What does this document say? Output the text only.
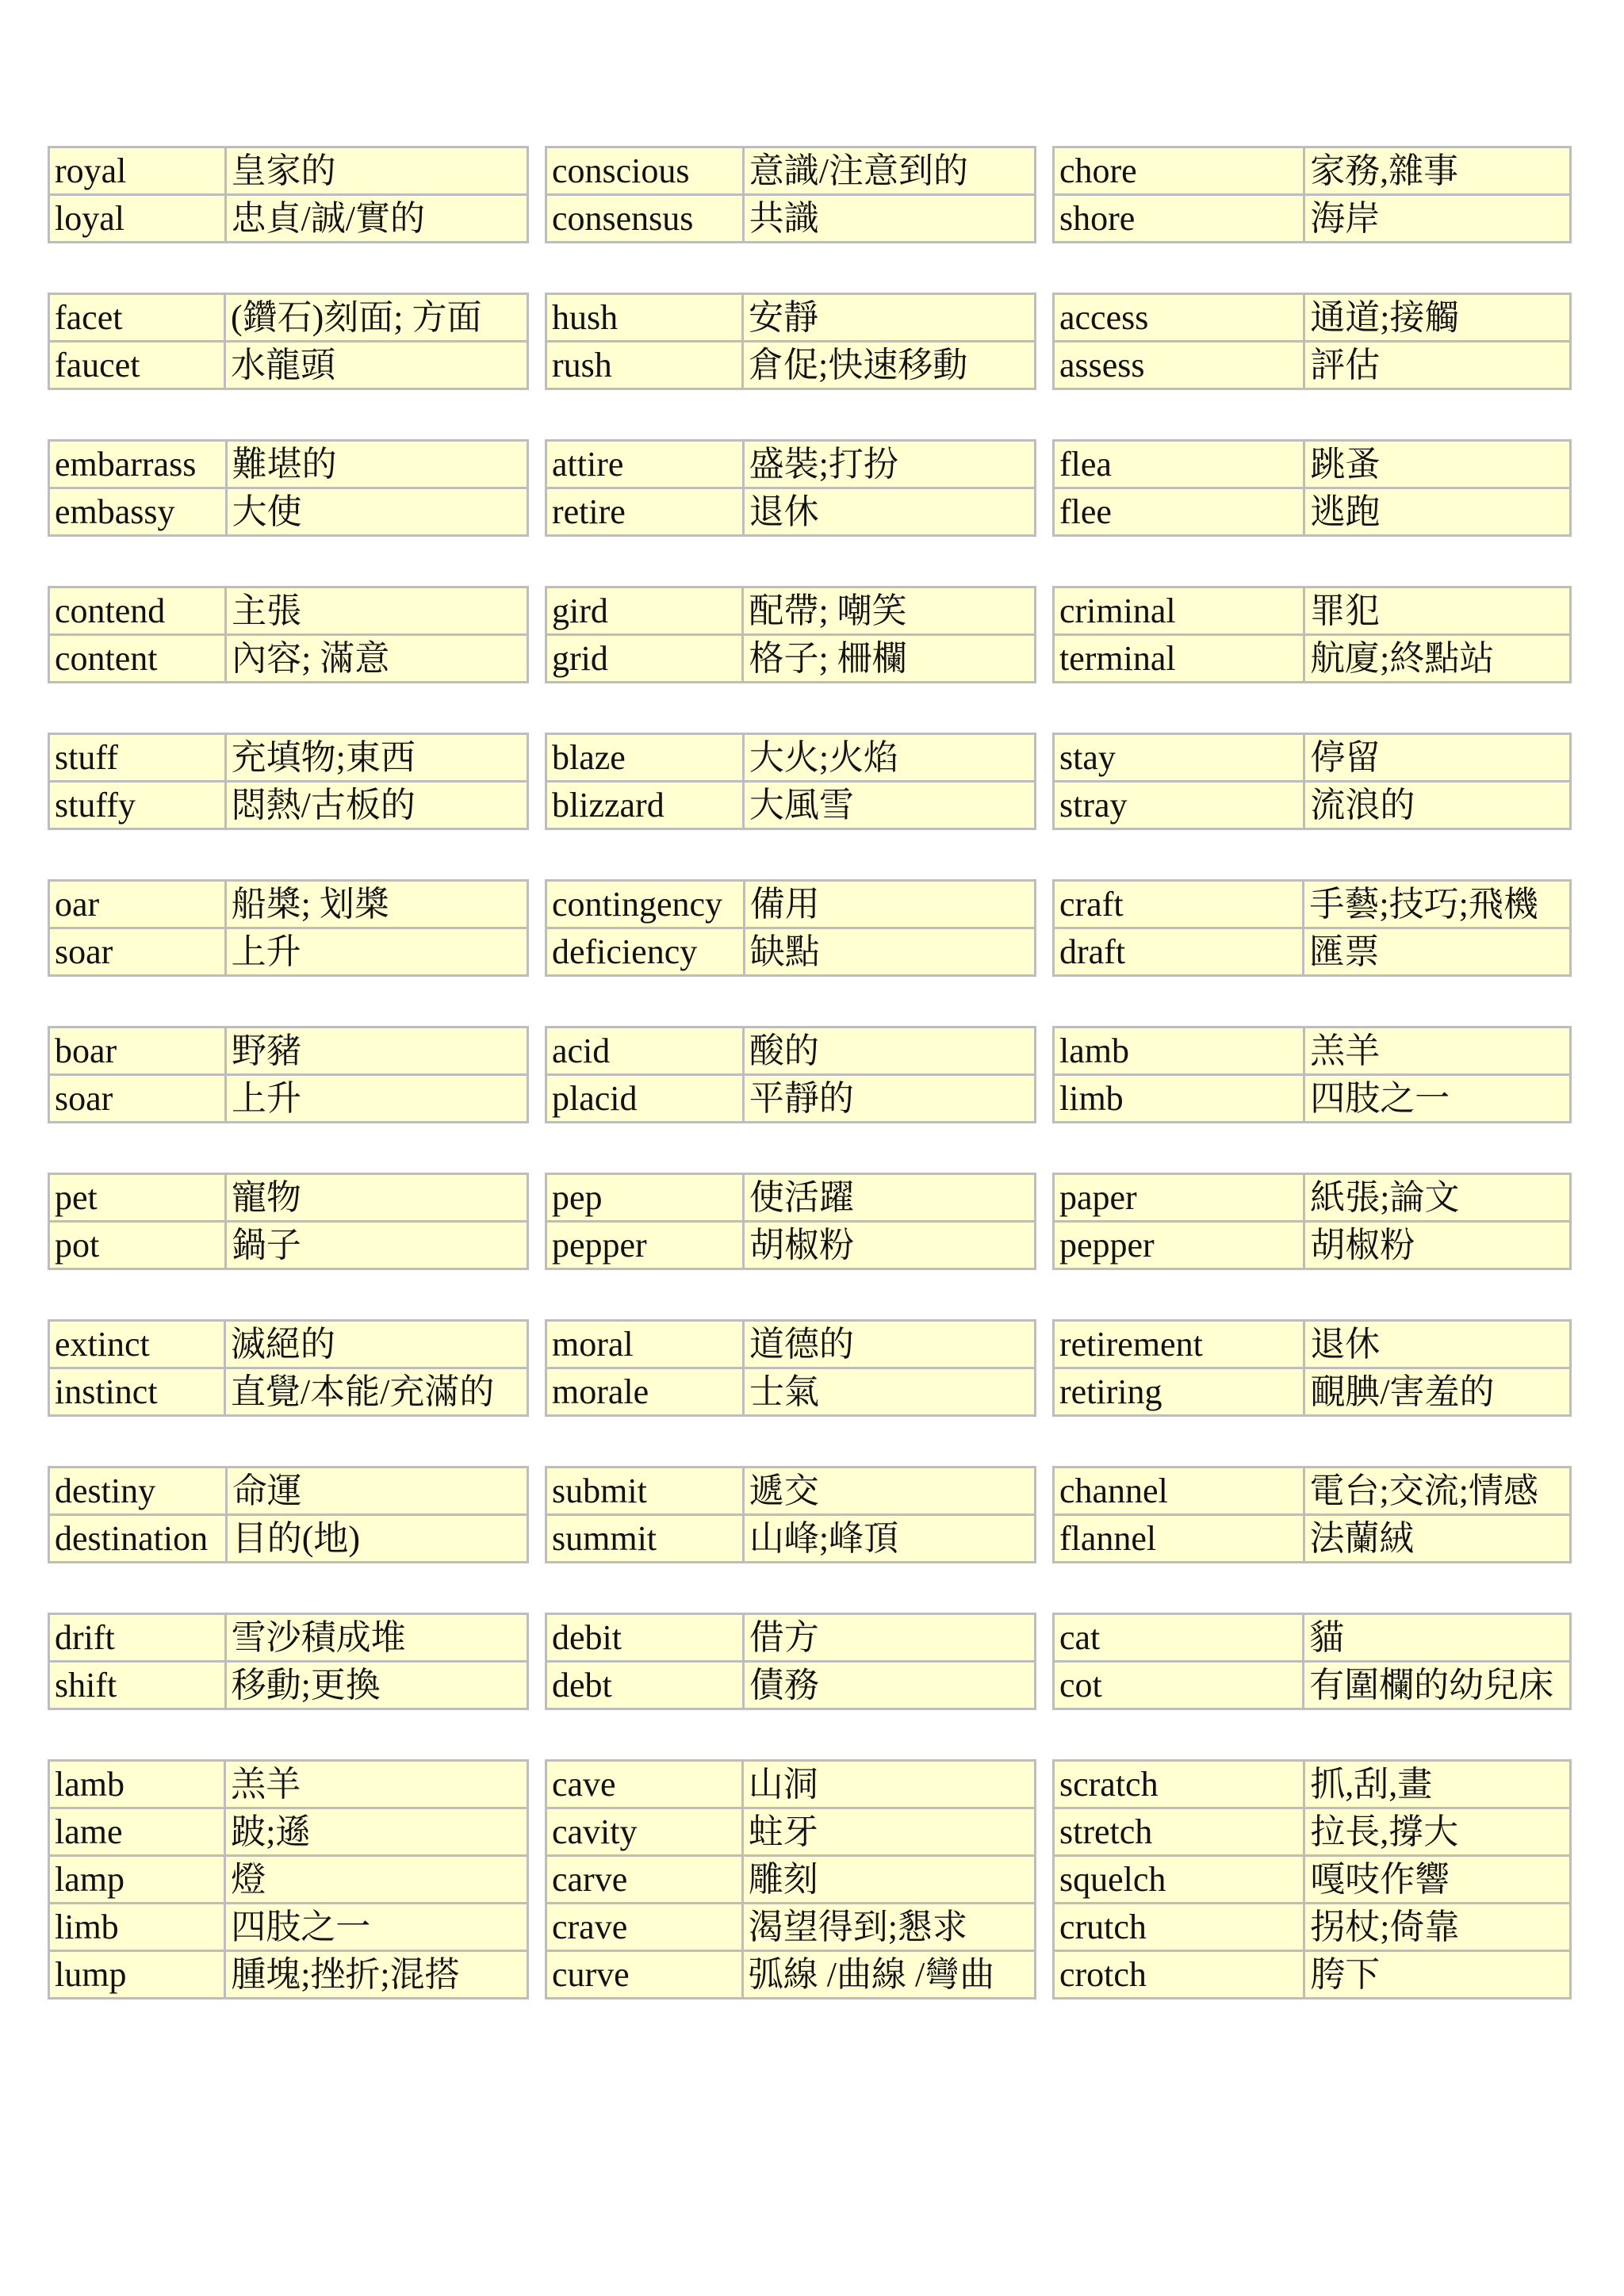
royal	皇家的
loyal	忠貞/誠/實的
conscious	意識/注意到的
consensus	共識
chore	家務,雜事
shore	海岸
facet	(鑽石)刻面; 方面
faucet	水龍頭
hush	安靜
rush	倉促;快速移動
access	通道;接觸
assess	評估
embarrass	難堪的
embassy	大使
attire	盛裝;打扮
retire	退休
flea	跳蚤
flee	逃跑
contend	主張
content	內容; 滿意
gird	配帶; 嘲笑
grid	格子; 柵欄
criminal	罪犯
terminal	航廈;終點站
stuff	充填物;東西
stuffy	悶熱/古板的
blaze	大火;火焰
blizzard	大風雪
stay	停留
stray	流浪的
oar	船槳; 划槳
soar	上升
contingency	備用
deficiency	缺點
craft	手藝;技巧;飛機
draft	匯票
boar	野豬
soar	上升
acid	酸的
placid	平靜的
lamb	羔羊
limb	四肢之一
pet	寵物
pot	鍋子
pep	使活躍
pepper	胡椒粉
paper	紙張;論文
pepper	胡椒粉
extinct	滅絕的
instinct	直覺/本能/充滿的
moral	道德的
morale	士氣
retirement	退休
retiring	靦腆/害羞的
destiny	命運
destination	目的(地)
submit	遞交
summit	山峰;峰頂
channel	電台;交流;情感
flannel	法蘭絨
drift	雪沙積成堆
shift	移動;更換
debit	借方
debt	債務
cat	貓
cot	有圍欄的幼兒床
lamb	羔羊
lame	跛;遜
lamp	燈
limb	四肢之一
lump	腫塊;挫折;混搭
cave	山洞
cavity	蛀牙
carve	雕刻
crave	渴望得到;懇求
curve	弧線 /曲線 /彎曲
scratch	抓,刮,畫
stretch	拉長,撐大
squelch	嘎吱作響
crutch	拐杖;倚靠
crotch	胯下
